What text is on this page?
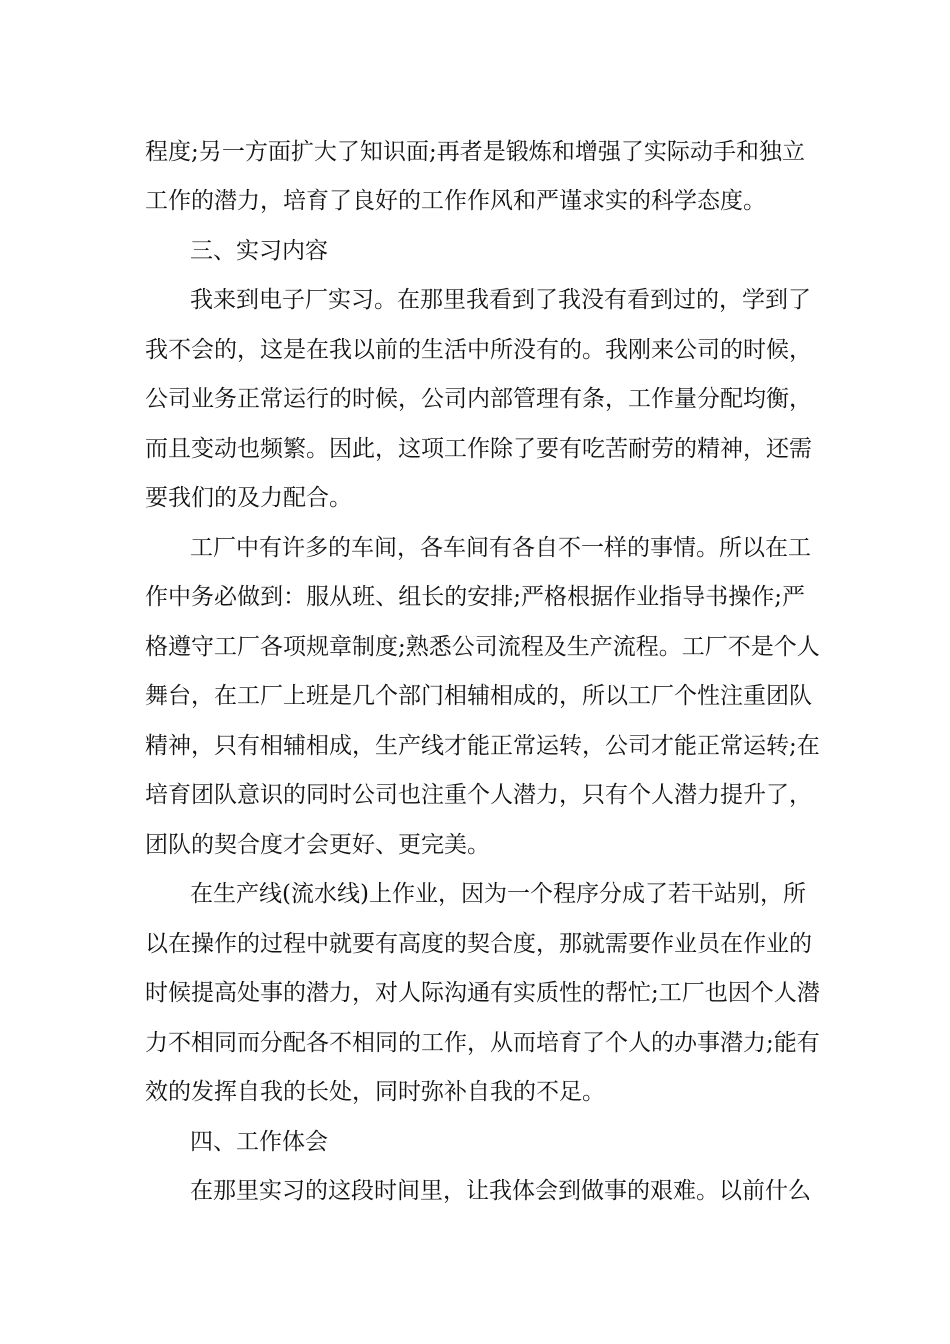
程度;另一方面扩大了知识面;再者是锻炼和增强了实际动手和独立
工作的潜力，培育了良好的工作作风和严谨求实的科学态度。
三、实习内容
我来到电子厂实习。在那里我看到了我没有看到过的，学到了
我不会的，这是在我以前的生活中所没有的。我刚来公司的时候，
公司业务正常运行的时候，公司内部管理有条，工作量分配均衡，
而且变动也频繁。因此，这项工作除了要有吃苦耐劳的精神，还需
要我们的及力配合。
工厂中有许多的车间，各车间有各自不一样的事情。所以在工
作中务必做到：服从班、组长的安排;严格根据作业指导书操作;严
格遵守工厂各项规章制度;熟悉公司流程及生产流程。工厂不是个人
舞台，在工厂上班是几个部门相辅相成的，所以工厂个性注重团队
精神，只有相辅相成，生产线才能正常运转，公司才能正常运转;在
培育团队意识的同时公司也注重个人潜力，只有个人潜力提升了，
团队的契合度才会更好、更完美。
在生产线(流水线)上作业，因为一个程序分成了若干站别，所
以在操作的过程中就要有高度的契合度，那就需要作业员在作业的
时候提高处事的潜力，对人际沟通有实质性的帮忙;工厂也因个人潜
力不相同而分配各不相同的工作，从而培育了个人的办事潜力;能有
效的发挥自我的长处，同时弥补自我的不足。
四、工作体会
在那里实习的这段时间里，让我体会到做事的艰难。以前什么
